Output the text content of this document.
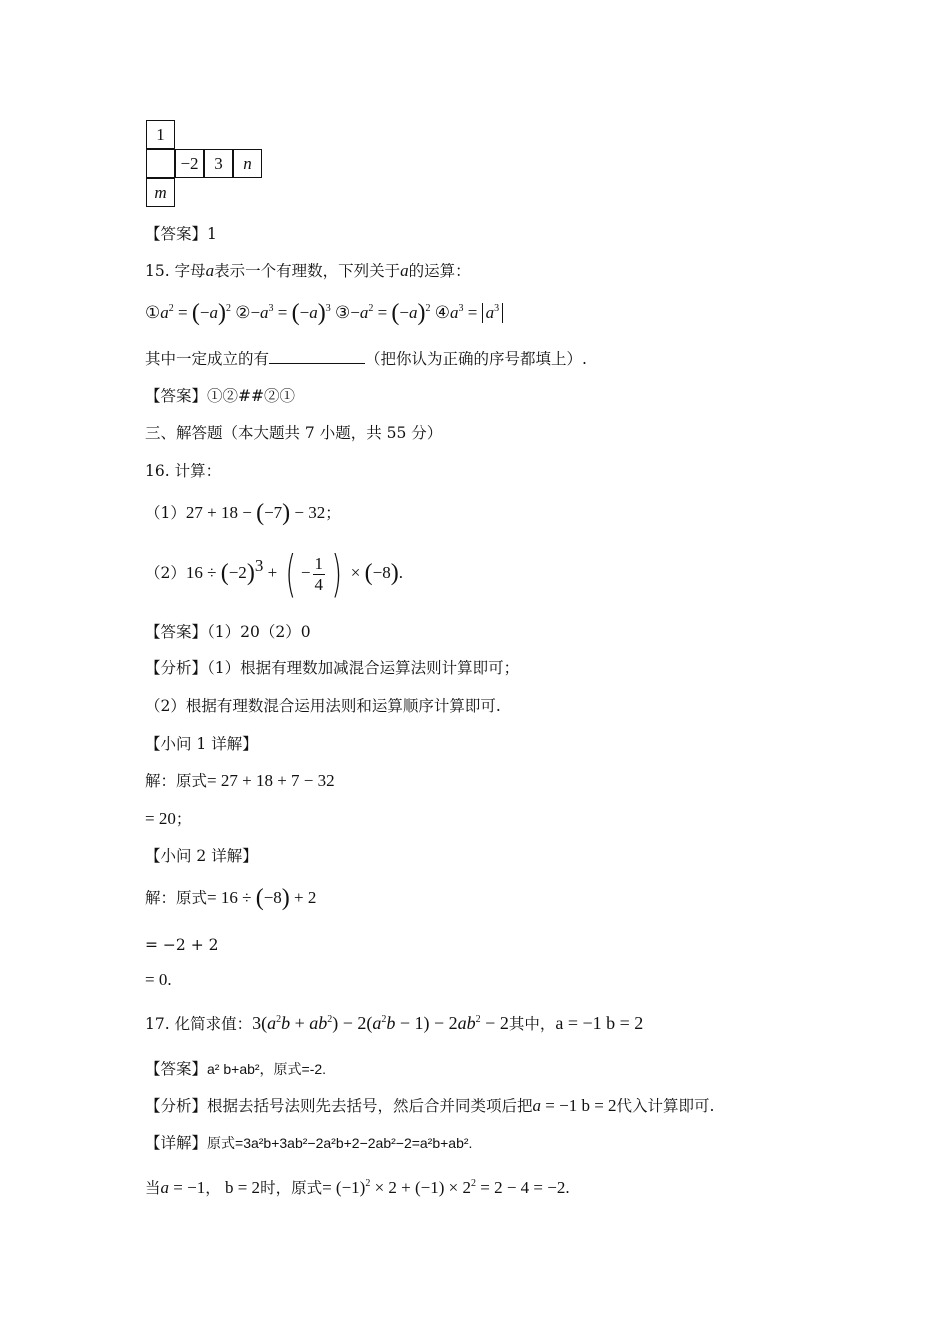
1
−2 3	n
m
【答案】1
15. 字母a表示一个有理数，下列关于a的运算：
$①a^2 = (-a)^2$ $②-a^3 = (-a)^3$ $③-a^2 = (-a)^2$ $④a^3 = a^3$
其中一定成立的有	（把你认为正确的序号都填上）.
【答案】①②##②①
三、解答题（本大题共 7 小题，共 55 分）
16. 计算：
（1）27 + 18 − (−7) − 32；
$(2)16 \div (-2)^3$ + ( − $\frac{1}{4}$ ) × (−8).
【答案】（1）20（2）0
【分析】（1）根据有理数加减混合运算法则计算即可；
（2）根据有理数混合运用法则和运算顺序计算即可.
【小问 1 详解】
解：原式= 27 + 18 + 7 − 32
= 20；
【小问 2 详解】
解：原式= 16 ÷ (−8) + 2
= −2 + 2
= 0.
17. 化简求值：$3(a^2b + ab^2) - 2(a^2b - 1) - 2ab^2 - 2$其中，a = −1 b = 2
【答案】a² b+ab²，原式=-2.
【分析】根据去括号法则先去括号，然后合并同类项后把a = −1 b = 2代入计算即可.
【详解】原式=3a²b+3ab²−2a²b+2−2ab²−2=a²b+ab².
当a = −1， b = 2时，原式= $(-1)^2 \times 2 + (-1) \times 2^2 = 2 - 4 = -2$.
